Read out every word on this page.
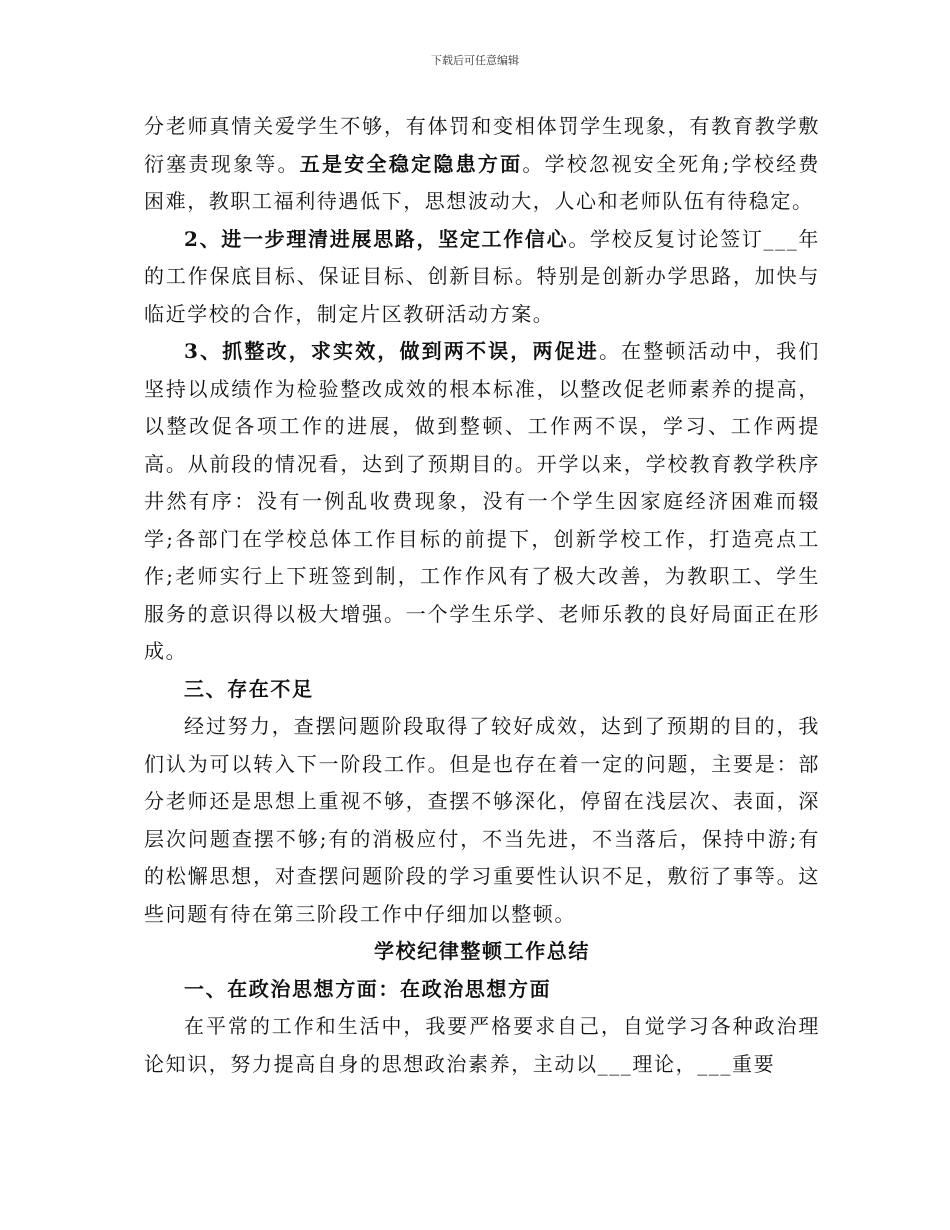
下载后可任意编辑

分老师真情关爱学生不够，有体罚和变相体罚学生现象，有教育教学敷衍塞责现象等。五是安全稳定隐患方面。学校忽视安全死角;学校经费困难，教职工福利待遇低下，思想波动大，人心和老师队伍有待稳定。

2、进一步理清进展思路，坚定工作信心。学校反复讨论签订___年的工作保底目标、保证目标、创新目标。特别是创新办学思路，加快与临近学校的合作，制定片区教研活动方案。

3、抓整改，求实效，做到两不误，两促进。在整顿活动中，我们坚持以成绩作为检验整改成效的根本标准，以整改促老师素养的提高，以整改促各项工作的进展，做到整顿、工作两不误，学习、工作两提高。从前段的情况看，达到了预期目的。开学以来，学校教育教学秩序井然有序：没有一例乱收费现象，没有一个学生因家庭经济困难而辍学;各部门在学校总体工作目标的前提下，创新学校工作，打造亮点工作;老师实行上下班签到制，工作作风有了极大改善，为教职工、学生服务的意识得以极大增强。一个学生乐学、老师乐教的良好局面正在形成。

三、存在不足

经过努力，查摆问题阶段取得了较好成效，达到了预期的目的，我们认为可以转入下一阶段工作。但是也存在着一定的问题，主要是：部分老师还是思想上重视不够，查摆不够深化，停留在浅层次、表面，深层次问题查摆不够;有的消极应付，不当先进，不当落后，保持中游;有的松懈思想，对查摆问题阶段的学习重要性认识不足，敷衍了事等。这些问题有待在第三阶段工作中仔细加以整顿。

学校纪律整顿工作总结

一、在政治思想方面：在政治思想方面

在平常的工作和生活中，我要严格要求自己，自觉学习各种政治理论知识，努力提高自身的思想政治素养，主动以___理论，___重要
